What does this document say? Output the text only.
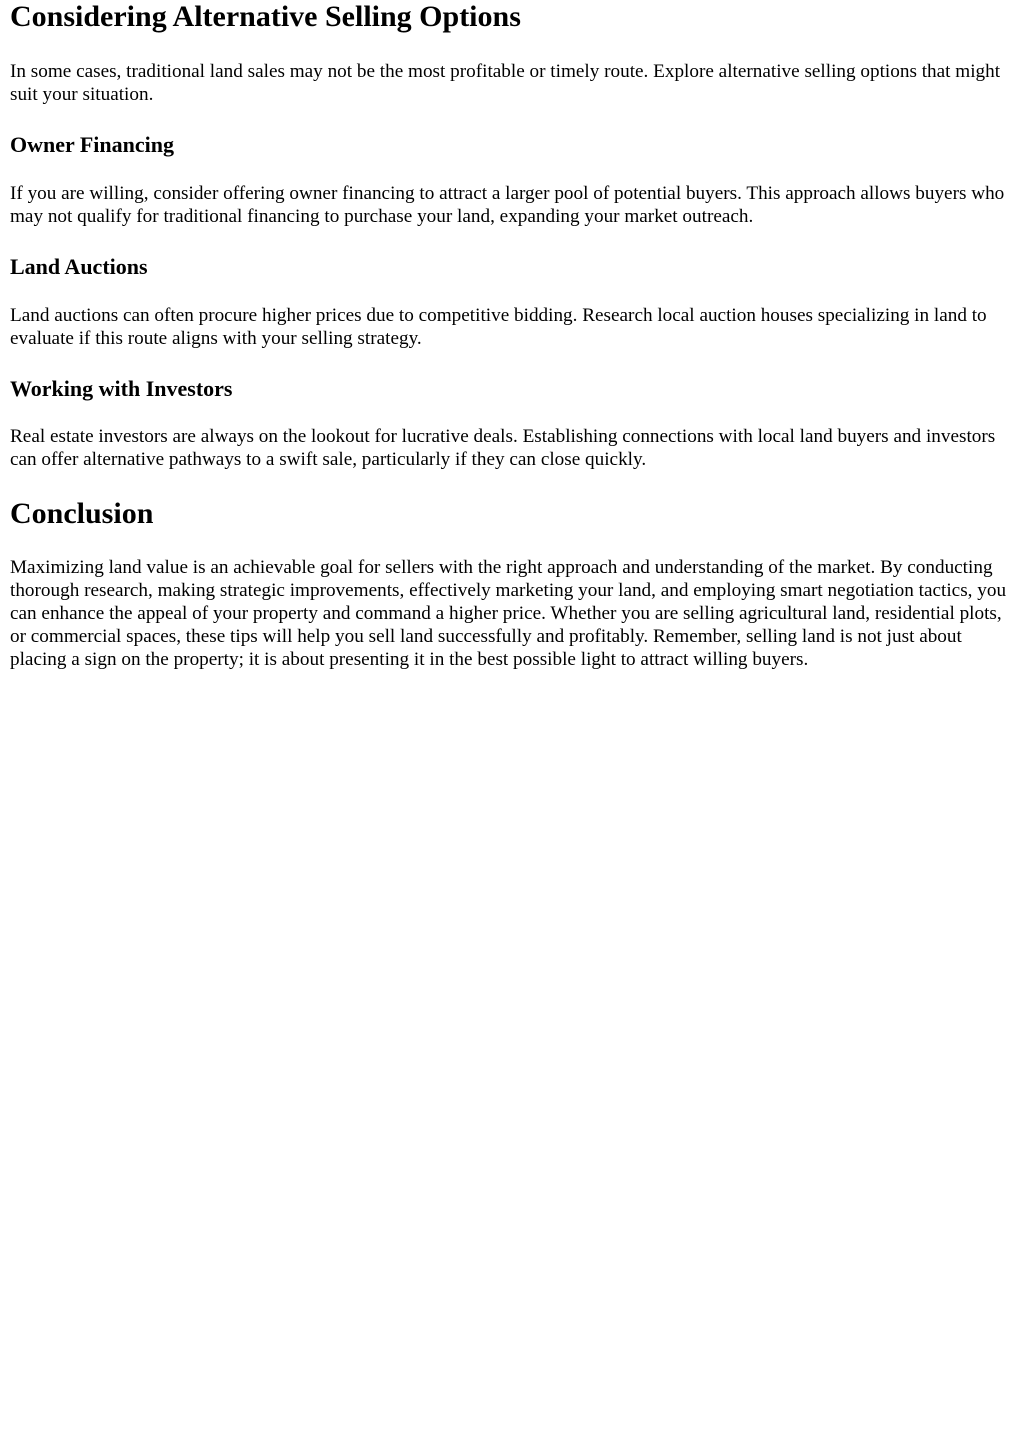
Considering Alternative Selling Options

In some cases, traditional land sales may not be the most profitable or timely route. Explore alternative selling options that might suit your situation.

Owner Financing

If you are willing, consider offering owner financing to attract a larger pool of potential buyers. This approach allows buyers who may not qualify for traditional financing to purchase your land, expanding your market outreach.

Land Auctions

Land auctions can often procure higher prices due to competitive bidding. Research local auction houses specializing in land to evaluate if this route aligns with your selling strategy.

Working with Investors

Real estate investors are always on the lookout for lucrative deals. Establishing connections with local land buyers and investors can offer alternative pathways to a swift sale, particularly if they can close quickly.

Conclusion

Maximizing land value is an achievable goal for sellers with the right approach and understanding of the market. By conducting thorough research, making strategic improvements, effectively marketing your land, and employing smart negotiation tactics, you can enhance the appeal of your property and command a higher price. Whether you are selling agricultural land, residential plots, or commercial spaces, these tips will help you sell land successfully and profitably. Remember, selling land is not just about placing a sign on the property; it is about presenting it in the best possible light to attract willing buyers.
